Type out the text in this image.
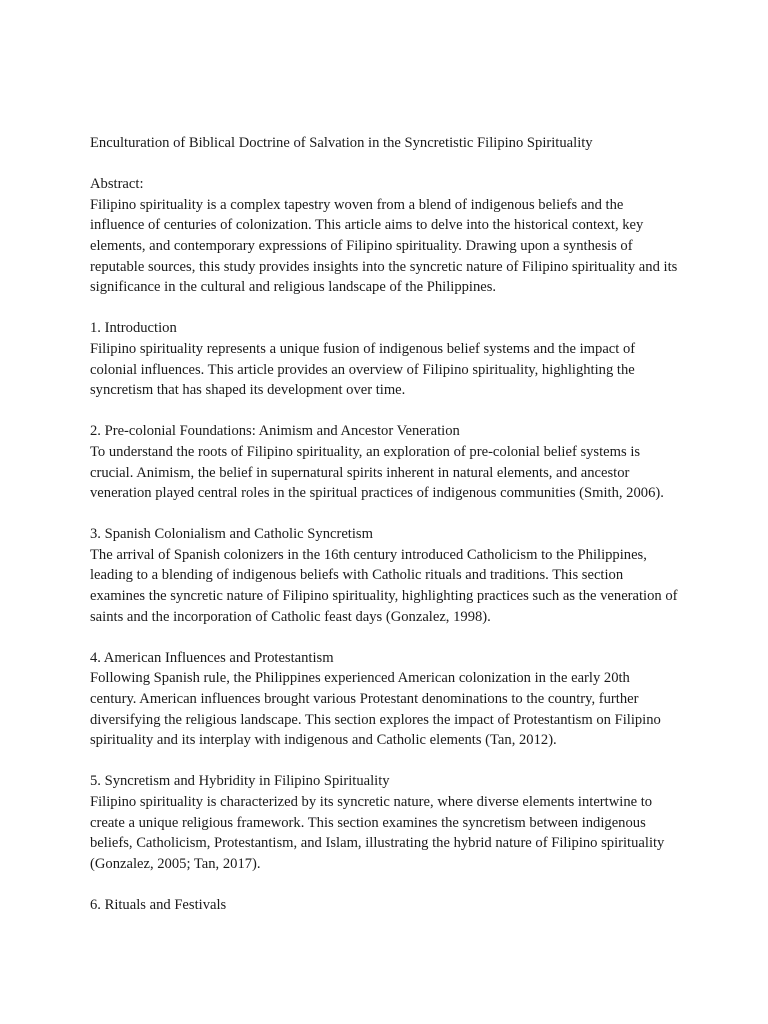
Enculturation of Biblical Doctrine of Salvation in the Syncretistic Filipino Spirituality

Abstract:

Filipino spirituality is a complex tapestry woven from a blend of indigenous beliefs and the influence of centuries of colonization. This article aims to delve into the historical context, key elements, and contemporary expressions of Filipino spirituality. Drawing upon a synthesis of reputable sources, this study provides insights into the syncretic nature of Filipino spirituality and its significance in the cultural and religious landscape of the Philippines.

1. Introduction

Filipino spirituality represents a unique fusion of indigenous belief systems and the impact of colonial influences. This article provides an overview of Filipino spirituality, highlighting the syncretism that has shaped its development over time.

2. Pre-colonial Foundations: Animism and Ancestor Veneration

To understand the roots of Filipino spirituality, an exploration of pre-colonial belief systems is crucial. Animism, the belief in supernatural spirits inherent in natural elements, and ancestor veneration played central roles in the spiritual practices of indigenous communities (Smith, 2006).

3. Spanish Colonialism and Catholic Syncretism

The arrival of Spanish colonizers in the 16th century introduced Catholicism to the Philippines, leading to a blending of indigenous beliefs with Catholic rituals and traditions. This section examines the syncretic nature of Filipino spirituality, highlighting practices such as the veneration of saints and the incorporation of Catholic feast days (Gonzalez, 1998).

4. American Influences and Protestantism

Following Spanish rule, the Philippines experienced American colonization in the early 20th century. American influences brought various Protestant denominations to the country, further diversifying the religious landscape. This section explores the impact of Protestantism on Filipino spirituality and its interplay with indigenous and Catholic elements (Tan, 2012).

5. Syncretism and Hybridity in Filipino Spirituality

Filipino spirituality is characterized by its syncretic nature, where diverse elements intertwine to create a unique religious framework. This section examines the syncretism between indigenous beliefs, Catholicism, Protestantism, and Islam, illustrating the hybrid nature of Filipino spirituality (Gonzalez, 2005; Tan, 2017).

6. Rituals and Festivals
